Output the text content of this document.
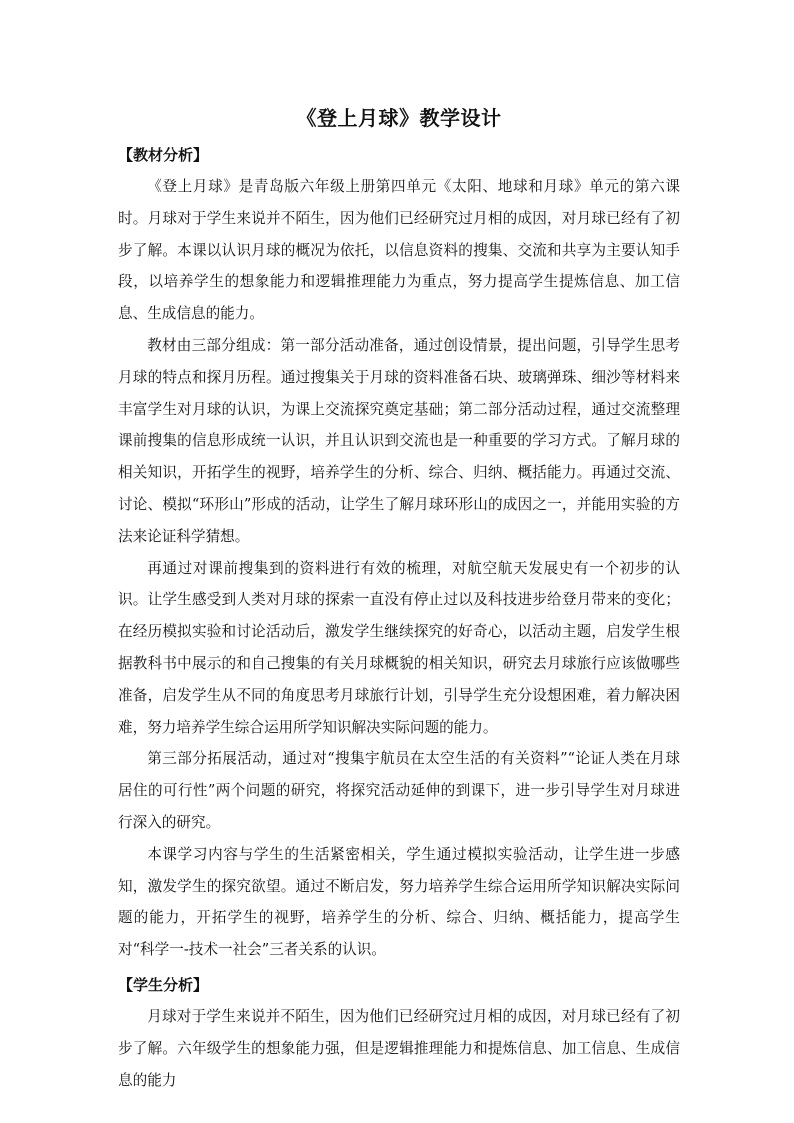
《登上月球》教学设计
【教材分析】

《登上月球》是青岛版六年级上册第四单元《太阳、地球和月球》单元的第六课时。月球对于学生来说并不陌生，因为他们已经研究过月相的成因，对月球已经有了初步了解。本课以认识月球的概况为依托，以信息资料的搜集、交流和共享为主要认知手段，以培养学生的想象能力和逻辑推理能力为重点，努力提高学生提炼信息、加工信息、生成信息的能力。

教材由三部分组成：第一部分活动准备，通过创设情景，提出问题，引导学生思考月球的特点和探月历程。通过搜集关于月球的资料准备石块、玻璃弹珠、细沙等材料来丰富学生对月球的认识，为课上交流探究奠定基础；第二部分活动过程，通过交流整理课前搜集的信息形成统一认识，并且认识到交流也是一种重要的学习方式。了解月球的相关知识，开拓学生的视野，培养学生的分析、综合、归纳、概括能力。再通过交流、讨论、模拟“环形山”形成的活动，让学生了解月球环形山的成因之一，并能用实验的方法来论证科学猜想。

再通过对课前搜集到的资料进行有效的梳理，对航空航天发展史有一个初步的认识。让学生感受到人类对月球的探索一直没有停止过以及科技进步给登月带来的变化；在经历模拟实验和讨论活动后，激发学生继续探究的好奇心，以活动主题，启发学生根据教科书中展示的和自己搜集的有关月球概貌的相关知识，研究去月球旅行应该做哪些准备，启发学生从不同的角度思考月球旅行计划，引导学生充分设想困难，着力解决困难，努力培养学生综合运用所学知识解决实际问题的能力。

第三部分拓展活动，通过对“搜集宇航员在太空生活的有关资料”“论证人类在月球居住的可行性”两个问题的研究，将探究活动延伸的到课下，进一步引导学生对月球进行深入的研究。

本课学习内容与学生的生活紧密相关，学生通过模拟实验活动，让学生进一步感知，激发学生的探究欲望。通过不断启发，努力培养学生综合运用所学知识解决实际问题的能力，开拓学生的视野，培养学生的分析、综合、归纳、概括能力，提高学生对“科学一-技术一社会”三者关系的认识。

【学生分析】

月球对于学生来说并不陌生，因为他们已经研究过月相的成因，对月球已经有了初步了解。六年级学生的想象能力强，但是逻辑推理能力和提炼信息、加工信息、生成信息的能力
